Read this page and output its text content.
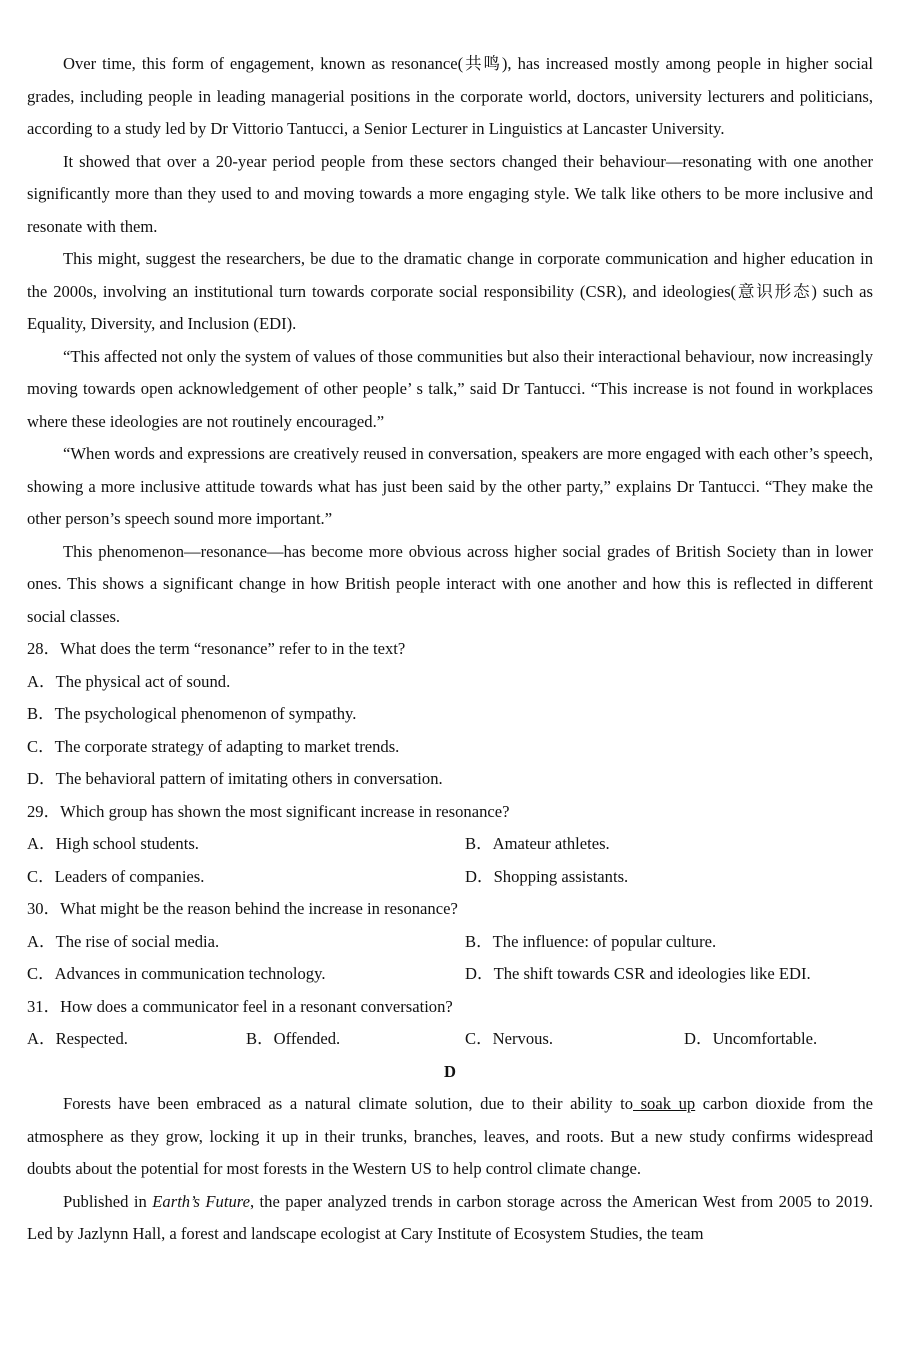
Over time, this form of engagement, known as resonance(共鸣), has increased mostly among people in higher social grades, including people in leading managerial positions in the corporate world, doctors, university lecturers and politicians, according to a study led by Dr Vittorio Tantucci, a Senior Lecturer in Linguistics at Lancaster University.

It showed that over a 20-year period people from these sectors changed their behaviour—resonating with one another significantly more than they used to and moving towards a more engaging style. We talk like others to be more inclusive and resonate with them.

This might, suggest the researchers, be due to the dramatic change in corporate communication and higher education in the 2000s, involving an institutional turn towards corporate social responsibility (CSR), and ideologies(意识形态) such as Equality, Diversity, and Inclusion (EDI).

“This affected not only the system of values of those communities but also their interactional behaviour, now increasingly moving towards open acknowledgement of other people’ s talk,” said Dr Tantucci. “This increase is not found in workplaces where these ideologies are not routinely encouraged.”

“When words and expressions are creatively reused in conversation, speakers are more engaged with each other’s speech, showing a more inclusive attitude towards what has just been said by the other party,” explains Dr Tantucci. “They make the other person’s speech sound more important.”

This phenomenon—resonance—has become more obvious across higher social grades of British Society than in lower ones. This shows a significant change in how British people interact with one another and how this is reflected in different social classes.

28．What does the term “resonance” refer to in the text?

A．The physical act of sound.

B．The psychological phenomenon of sympathy.

C．The corporate strategy of adapting to market trends.

D．The behavioral pattern of imitating others in conversation.

29．Which group has shown the most significant increase in resonance?

A．High school students.	B．Amateur athletes.
C．Leaders of companies.	D．Shopping assistants.

30．What might be the reason behind the increase in resonance?

A．The rise of social media.	B．The influence: of popular culture.
C．Advances in communication technology.	D．The shift towards CSR and ideologies like EDI.

31．How does a communicator feel in a resonant conversation?

A．Respected.	B．Offended.	C．Nervous.	D．Uncomfortable.

D

Forests have been embraced as a natural climate solution, due to their ability to soak up carbon dioxide from the atmosphere as they grow, locking it up in their trunks, branches, leaves, and roots. But a new study confirms widespread doubts about the potential for most forests in the Western US to help control climate change.

Published in Earth’s Future, the paper analyzed trends in carbon storage across the American West from 2005 to 2019. Led by Jazlynn Hall, a forest and landscape ecologist at Cary Institute of Ecosystem Studies, the team
